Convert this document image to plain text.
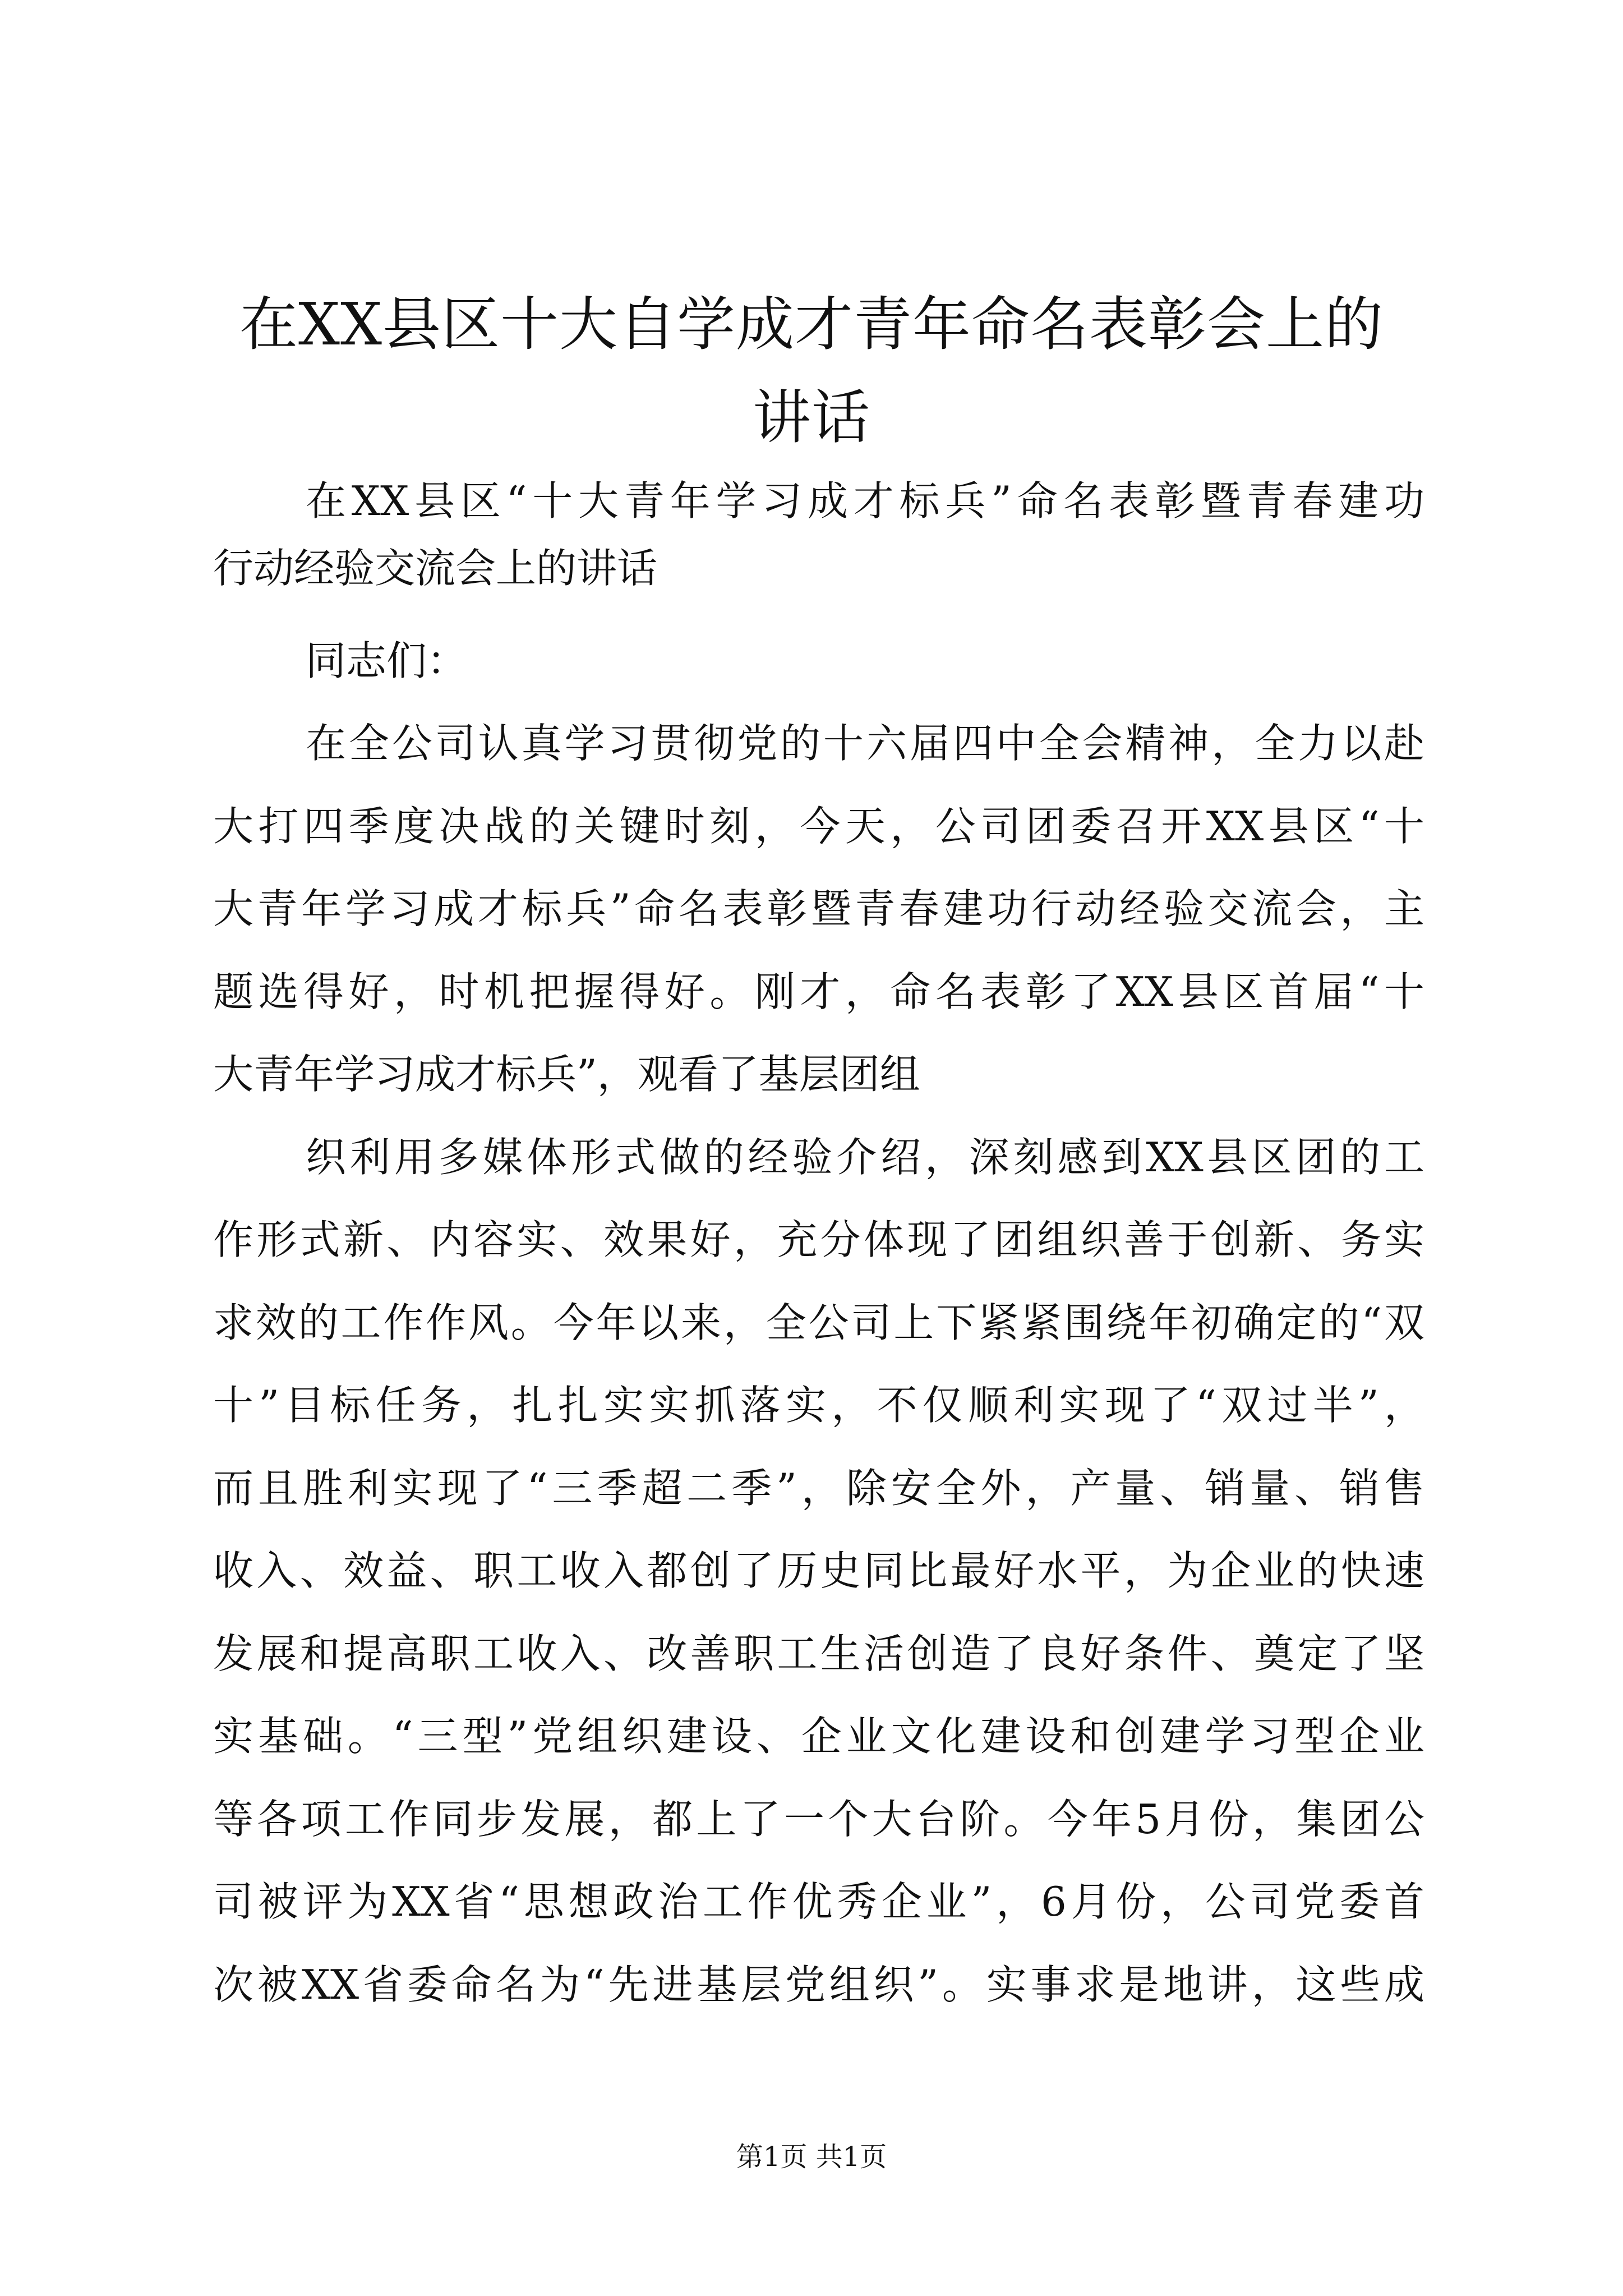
在XX县区十大自学成才青年命名表彰会上的
讲话
在XX县区“十大青年学习成才标兵”命名表彰暨青春建功
行动经验交流会上的讲话
同志们：
在全公司认真学习贯彻党的十六届四中全会精神，全力以赴
大打四季度决战的关键时刻，今天，公司团委召开XX县区“十
大青年学习成才标兵”命名表彰暨青春建功行动经验交流会，主
题选得好，时机把握得好。刚才，命名表彰了XX县区首届“十
大青年学习成才标兵”，观看了基层团组
织利用多媒体形式做的经验介绍，深刻感到XX县区团的工
作形式新、内容实、效果好，充分体现了团组织善于创新、务实
求效的工作作风。今年以来，全公司上下紧紧围绕年初确定的“双
十”目标任务，扎扎实实抓落实，不仅顺利实现了“双过半”，
而且胜利实现了“三季超二季”，除安全外，产量、销量、销售
收入、效益、职工收入都创了历史同比最好水平，为企业的快速
发展和提高职工收入、改善职工生活创造了良好条件、奠定了坚
实基础。“三型”党组织建设、企业文化建设和创建学习型企业
等各项工作同步发展，都上了一个大台阶。今年5月份，集团公
司被评为XX省“思想政治工作优秀企业”，6月份，公司党委首
次被XX省委命名为“先进基层党组织”。实事求是地讲，这些成
第1页 共1页
